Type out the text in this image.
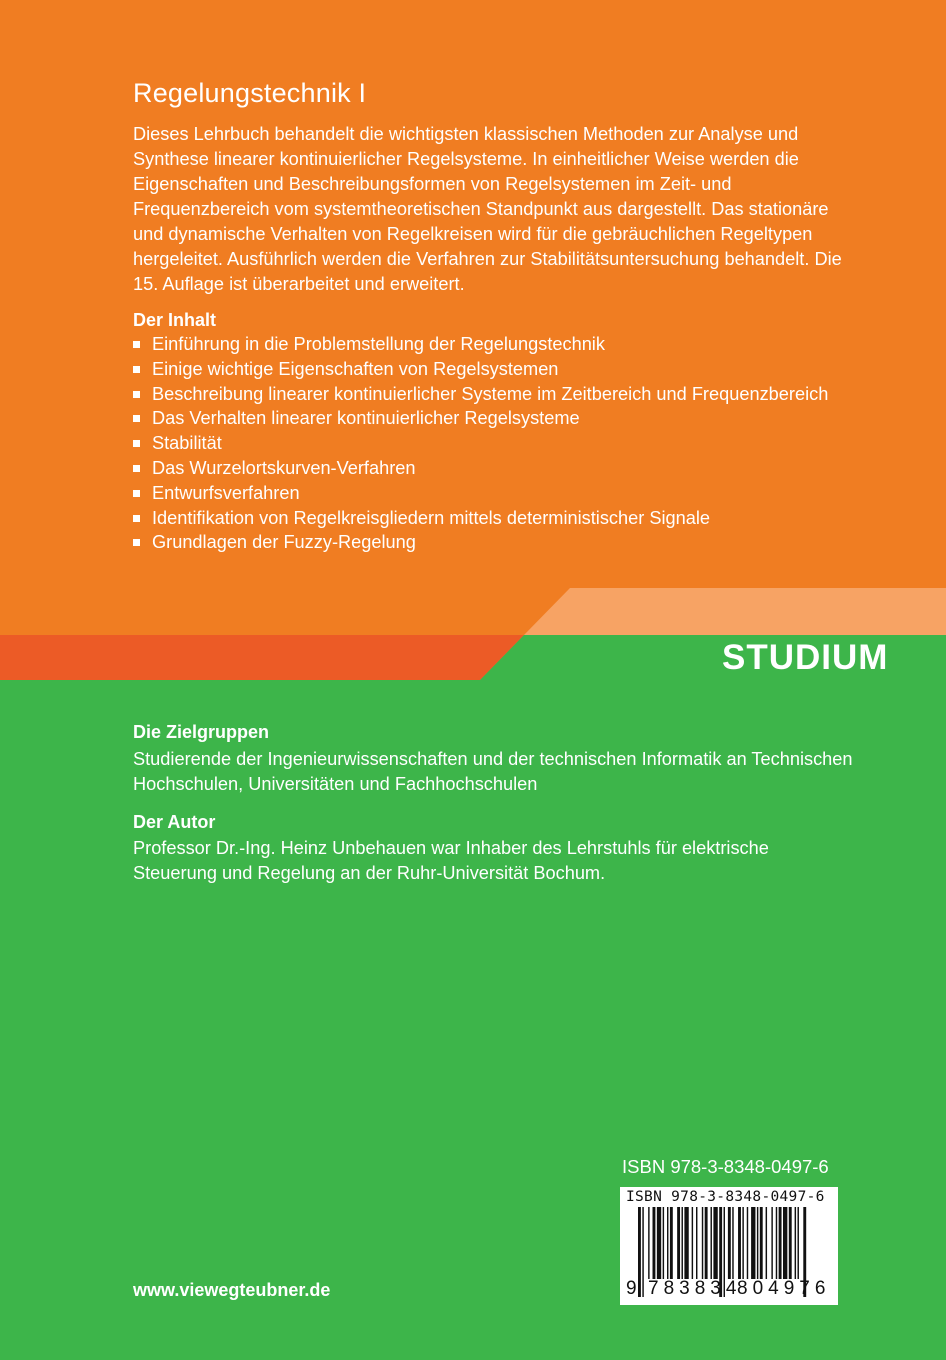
Regelungstechnik I

Dieses Lehrbuch behandelt die wichtigsten klassischen Methoden zur Analyse und Synthese linearer kontinuierlicher Regelsysteme. In einheitlicher Weise werden die Eigenschaften und Beschreibungsformen von Regelsystemen im Zeit- und Frequenzbereich vom systemtheoretischen Standpunkt aus dargestellt. Das stationäre und dynamische Verhalten von Regelkreisen wird für die gebräuchlichen Regeltypen hergeleitet. Ausführlich werden die Verfahren zur Stabilitätsuntersuchung behandelt. Die 15. Auflage ist überarbeitet und erweitert.

Der Inhalt
Einführung in die Problemstellung der Regelungstechnik
Einige wichtige Eigenschaften von Regelsystemen
Beschreibung linearer kontinuierlicher Systeme im Zeitbereich und Frequenzbereich
Das Verhalten linearer kontinuierlicher Regelsysteme
Stabilität
Das Wurzelortskurven-Verfahren
Entwurfsverfahren
Identifikation von Regelkreisgliedern mittels deterministischer Signale
Grundlagen der Fuzzy-Regelung

STUDIUM

Die Zielgruppen

Studierende der Ingenieurwissenschaften und der technischen Informatik an Technischen Hochschulen, Universitäten und Fachhochschulen

Der Autor

Professor Dr.-Ing. Heinz Unbehauen war Inhaber des Lehrstuhls für elektrische Steuerung und Regelung an der Ruhr-Universität Bochum.

www.viewegteubner.de

ISBN 978-3-8348-0497-6

ISBN 978-3-8348-0497-6

9 783834
804976
